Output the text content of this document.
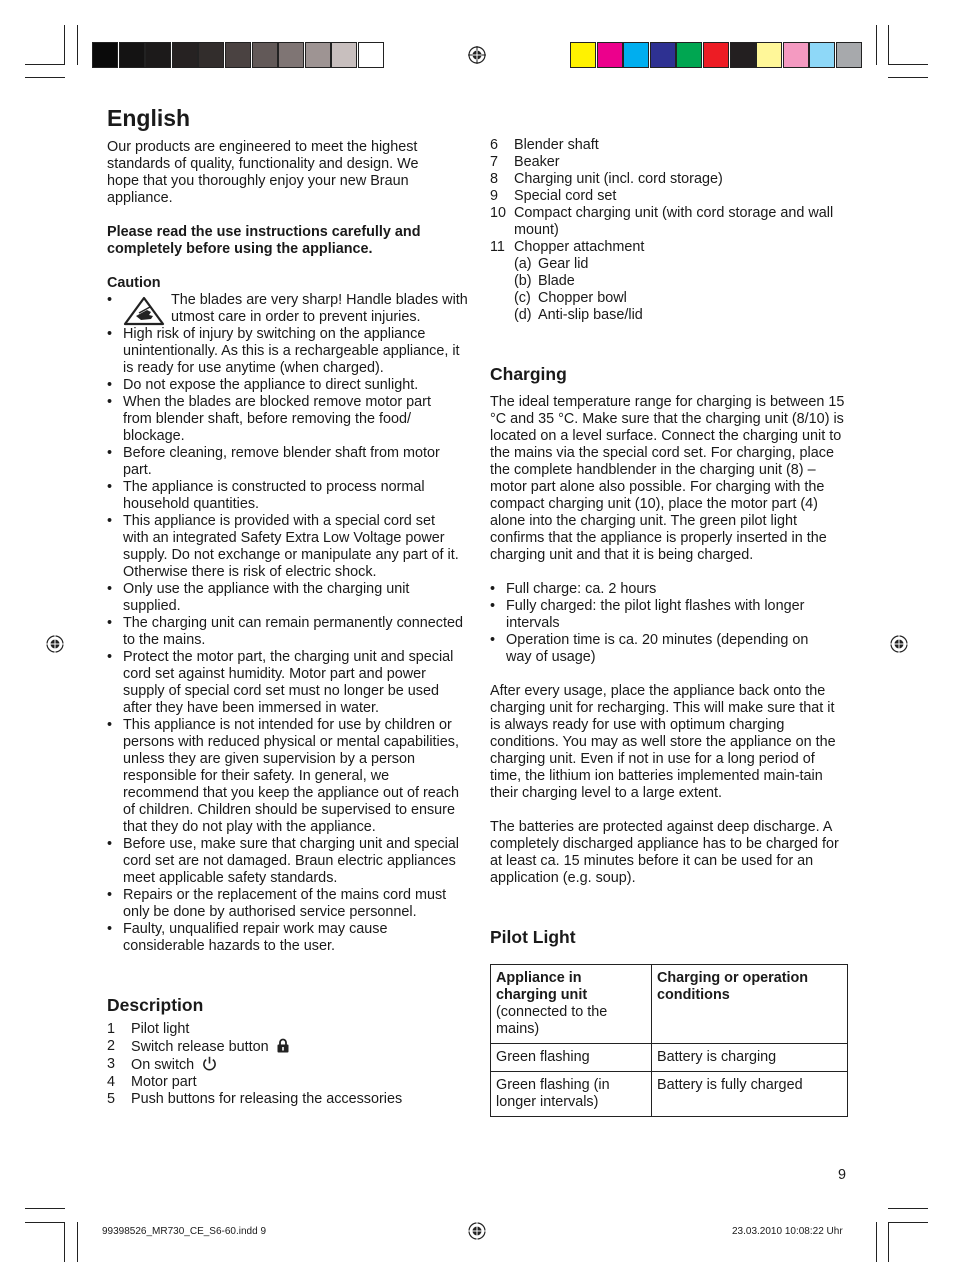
English

Our products are engineered to meet the highest standards of quality, functionality and design. We hope that you thoroughly enjoy your new Braun appliance.

Please read the use instructions carefully and completely before using the appliance.

Caution

•	The blades are very sharp! Handle blades with utmost care in order to prevent injuries.

• High risk of injury by switching on the appliance unintentionally. As this is a rechargeable appliance, it is ready for use anytime (when charged).
• Do not expose the appliance to direct sunlight.
• When the blades are blocked remove motor part from blender shaft, before removing the food/ blockage.
• Before cleaning, remove blender shaft from motor part.
• The appliance is constructed to process normal household quantities.
• This appliance is provided with a special cord set with an integrated Safety Extra Low Voltage power supply. Do not exchange or manipulate any part of it. Otherwise there is risk of electric shock.
• Only use the appliance with the charging unit supplied.
• The charging unit can remain permanently connected to the mains.
• Protect the motor part, the charging unit and special cord set against humidity. Motor part and power supply of special cord set must no longer be used after they have been immersed in water.
• This appliance is not intended for use by children or persons with reduced physical or mental capabilities, unless they are given supervision by a person responsible for their safety. In general, we recommend that you keep the appliance out of reach of children. Children should be supervised to ensure that they do not play with the appliance.
• Before use, make sure that charging unit and special cord set are not damaged. Braun electric appliances meet applicable safety standards.
• Repairs or the replacement of the mains cord must only be done by authorised service personnel.
• Faulty, unqualified repair work may cause considerable hazards to the user.
Description
1 Pilot light
2 Switch release button
3 On switch
4 Motor part
5 Push buttons for releasing the accessories
6 Blender shaft
7 Beaker
8 Charging unit (incl. cord storage)
9 Special cord set
10 Compact charging unit (with cord storage and wall mount)
11 Chopper attachment
(a) Gear lid
(b) Blade
(c) Chopper bowl
(d) Anti-slip base/lid
Charging

The ideal temperature range for charging is between 15 °C and 35 °C. Make sure that the charging unit (8/10) is located on a level surface. Connect the charging unit to the mains via the special cord set. For charging, place the complete handblender in the charging unit (8) – motor part alone also possible. For charging with the compact charging unit (10), place the motor part (4) alone into the charging unit. The green pilot light confirms that the appliance is properly inserted in the charging unit and that it is being charged.

• Full charge: ca. 2 hours
• Fully charged: the pilot light flashes with longer intervals
• Operation time is ca. 20 minutes (depending on way of usage)

After every usage, place the appliance back onto the charging unit for recharging. This will make sure that it is always ready for use with optimum charging conditions. You may as well store the appliance on the charging unit. Even if not in use for a long period of time, the lithium ion batteries implemented main-tain their charging level to a large extent.

The batteries are protected against deep discharge. A completely discharged appliance has to be charged for at least ca. 15 minutes before it can be used for an application (e.g. soup).

Pilot Light
Appliance in charging unit
(connected to the mains)	Charging or operation conditions
Green flashing	Battery is charging
Green flashing (in longer intervals)	Battery is fully charged
9
99398526_MR730_CE_S6-60.indd 9	23.03.2010 10:08:22 Uhr
